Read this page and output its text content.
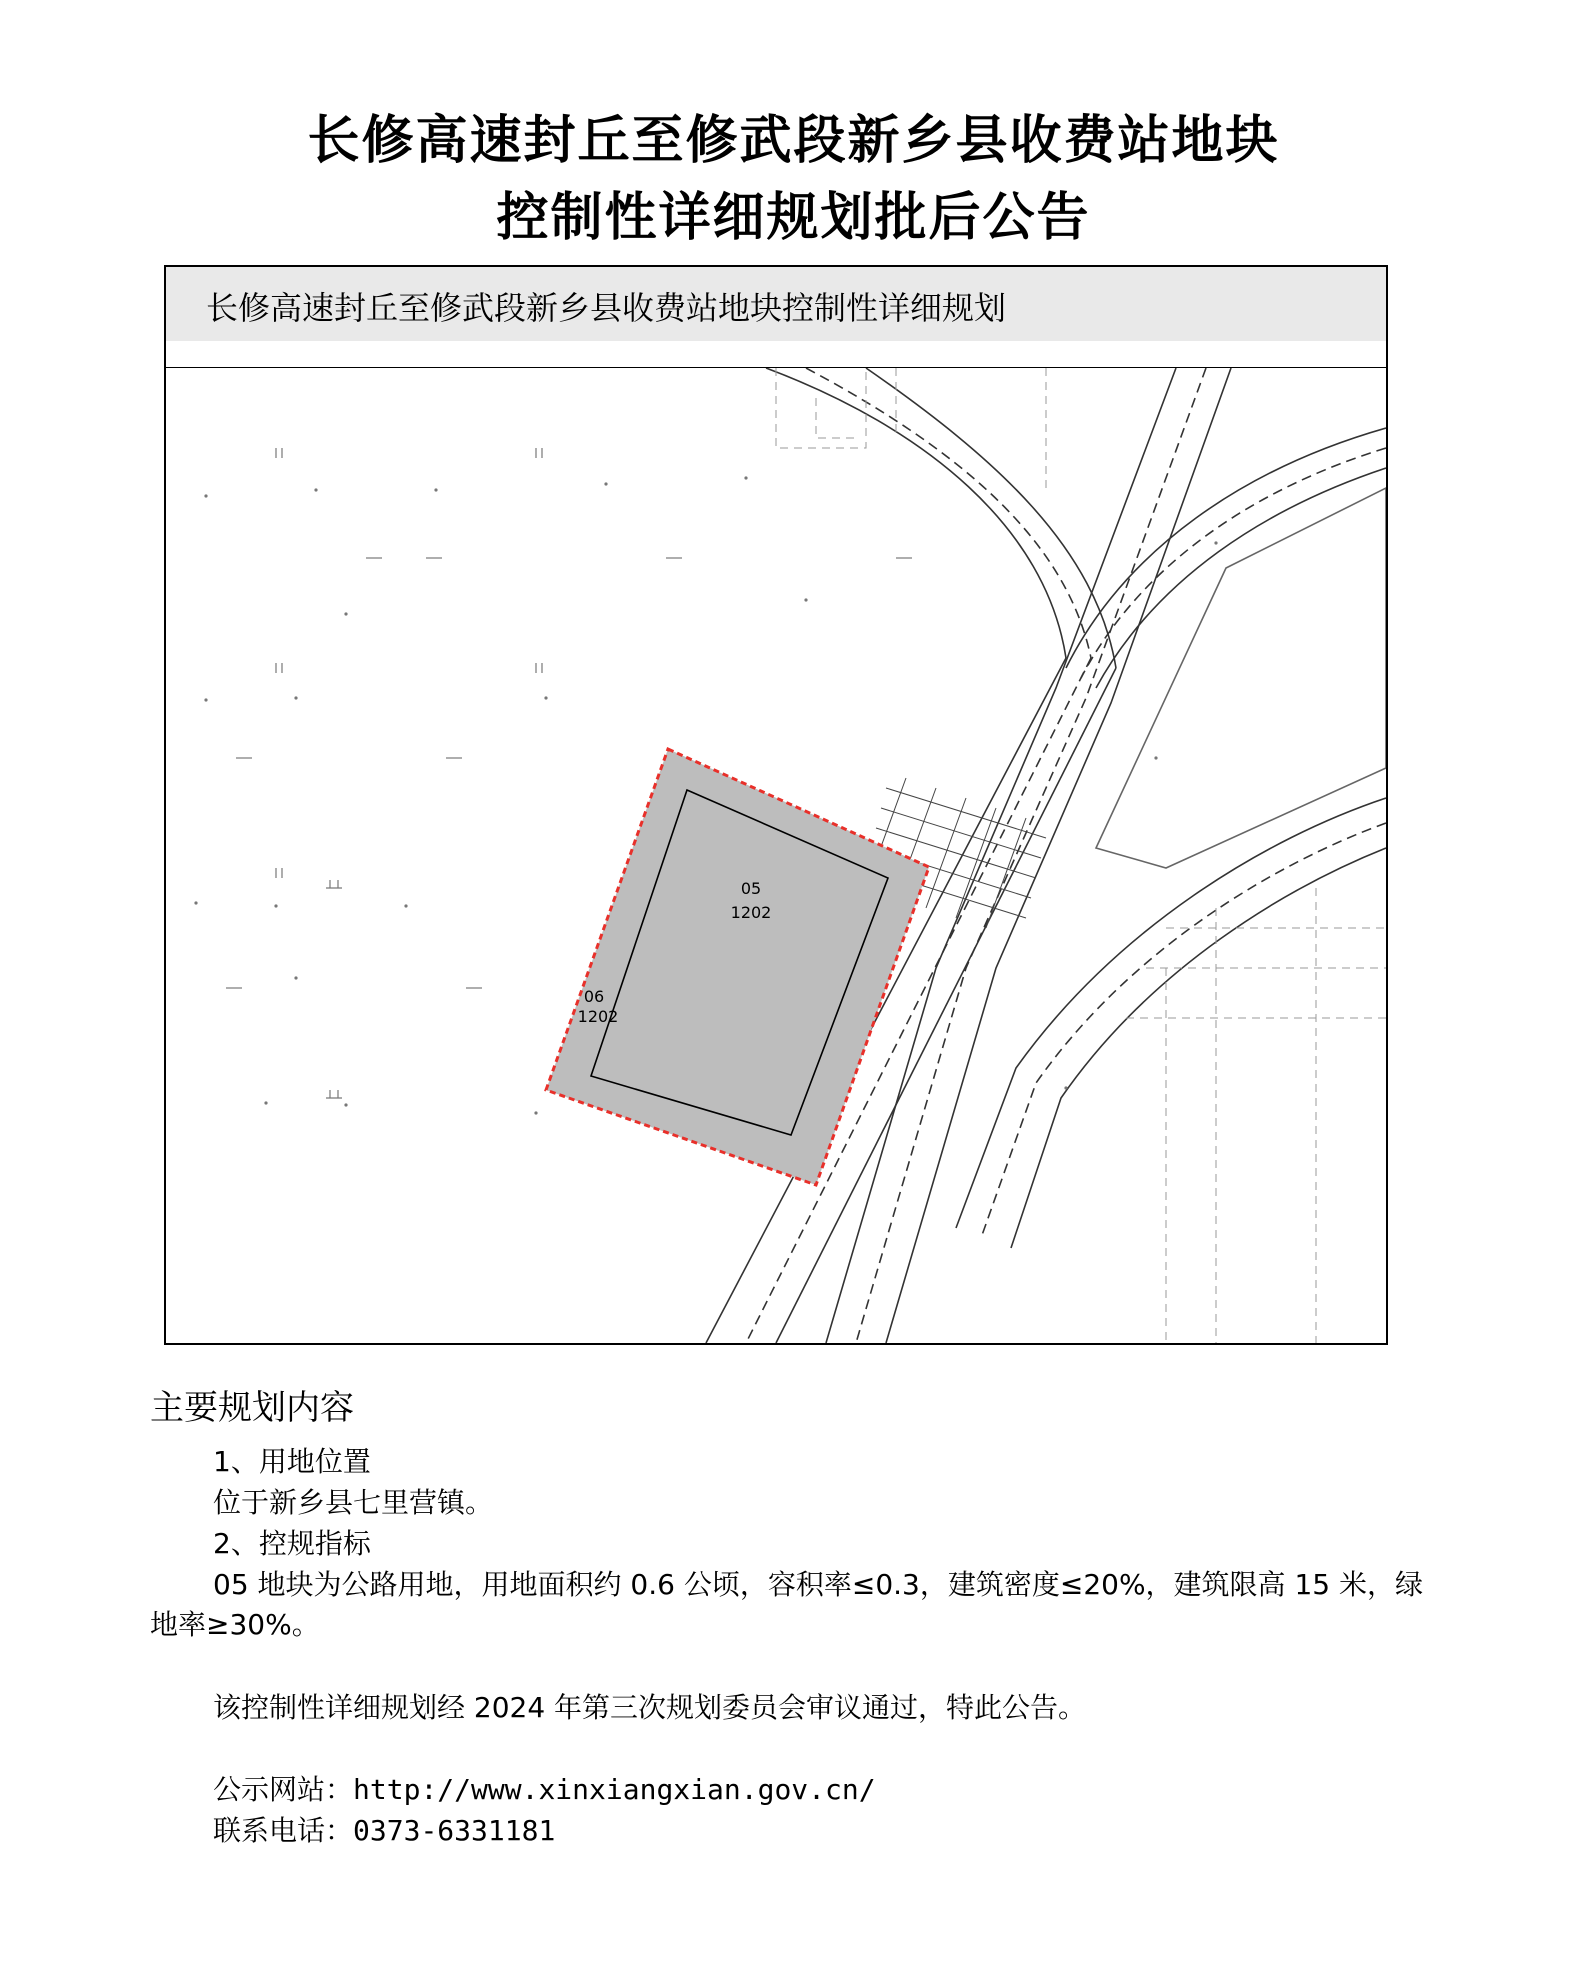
长修高速封丘至修武段新乡县收费站地块
控制性详细规划批后公告
长修高速封丘至修武段新乡县收费站地块控制性详细规划
05
1202
06
1202
主要规划内容
1、用地位置
位于新乡县七里营镇。
2、控规指标
05 地块为公路用地，用地面积约 0.6 公顷，容积率≤0.3，建筑密度≤20%，建筑限高 15 米，绿地率≥30%。
该控制性详细规划经 2024 年第三次规划委员会审议通过，特此公告。
公示网站：http://www.xinxiangxian.gov.cn/
联系电话：0373-6331181
